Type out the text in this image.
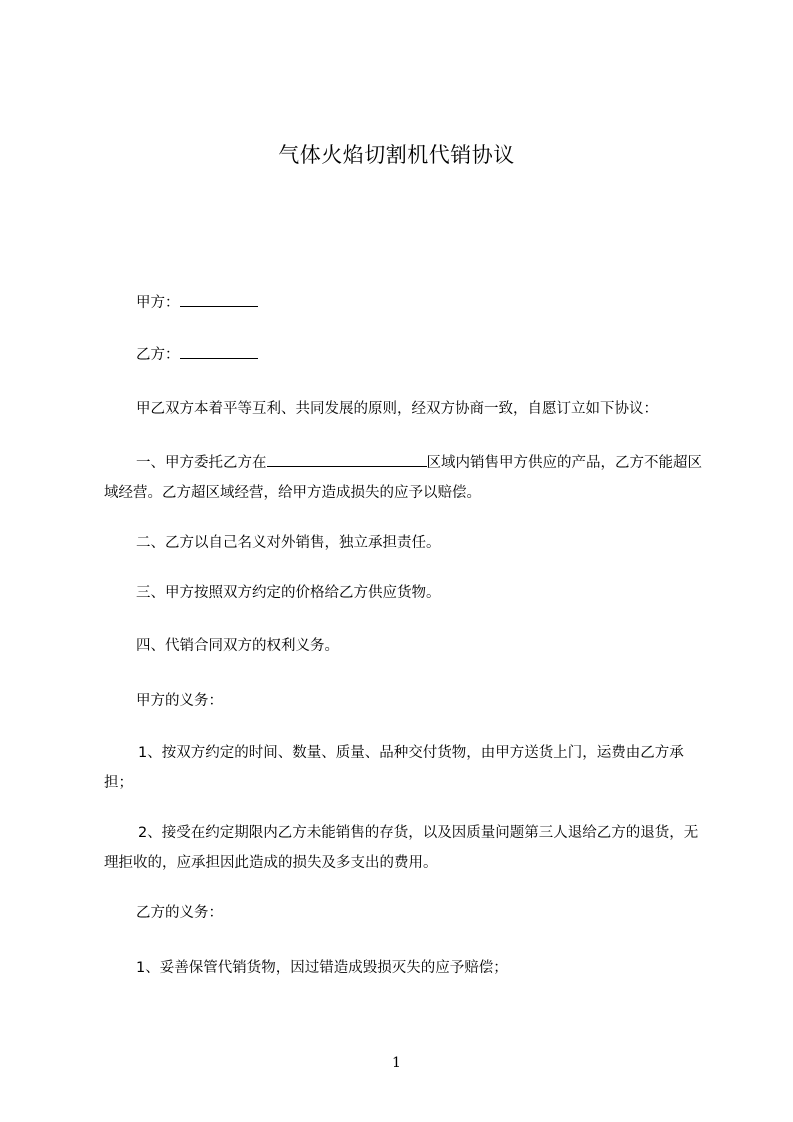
气体火焰切割机代销协议

甲方：

乙方：

甲乙双方本着平等互利、共同发展的原则，经双方协商一致，自愿订立如下协议：

一、甲方委托乙方在	区域内销售甲方供应的产品，乙方不能超区域经营。乙方超区域经营，给甲方造成损失的应予以赔偿。

二、乙方以自己名义对外销售，独立承担责任。

三、甲方按照双方约定的价格给乙方供应货物。

四、代销合同双方的权利义务。

甲方的义务：

1、按双方约定的时间、数量、质量、品种交付货物，由甲方送货上门，运费由乙方承担；

2、接受在约定期限内乙方未能销售的存货，以及因质量问题第三人退给乙方的退货，无理拒收的，应承担因此造成的损失及多支出的费用。

乙方的义务：

1、妥善保管代销货物，因过错造成毁损灭失的应予赔偿；

1
